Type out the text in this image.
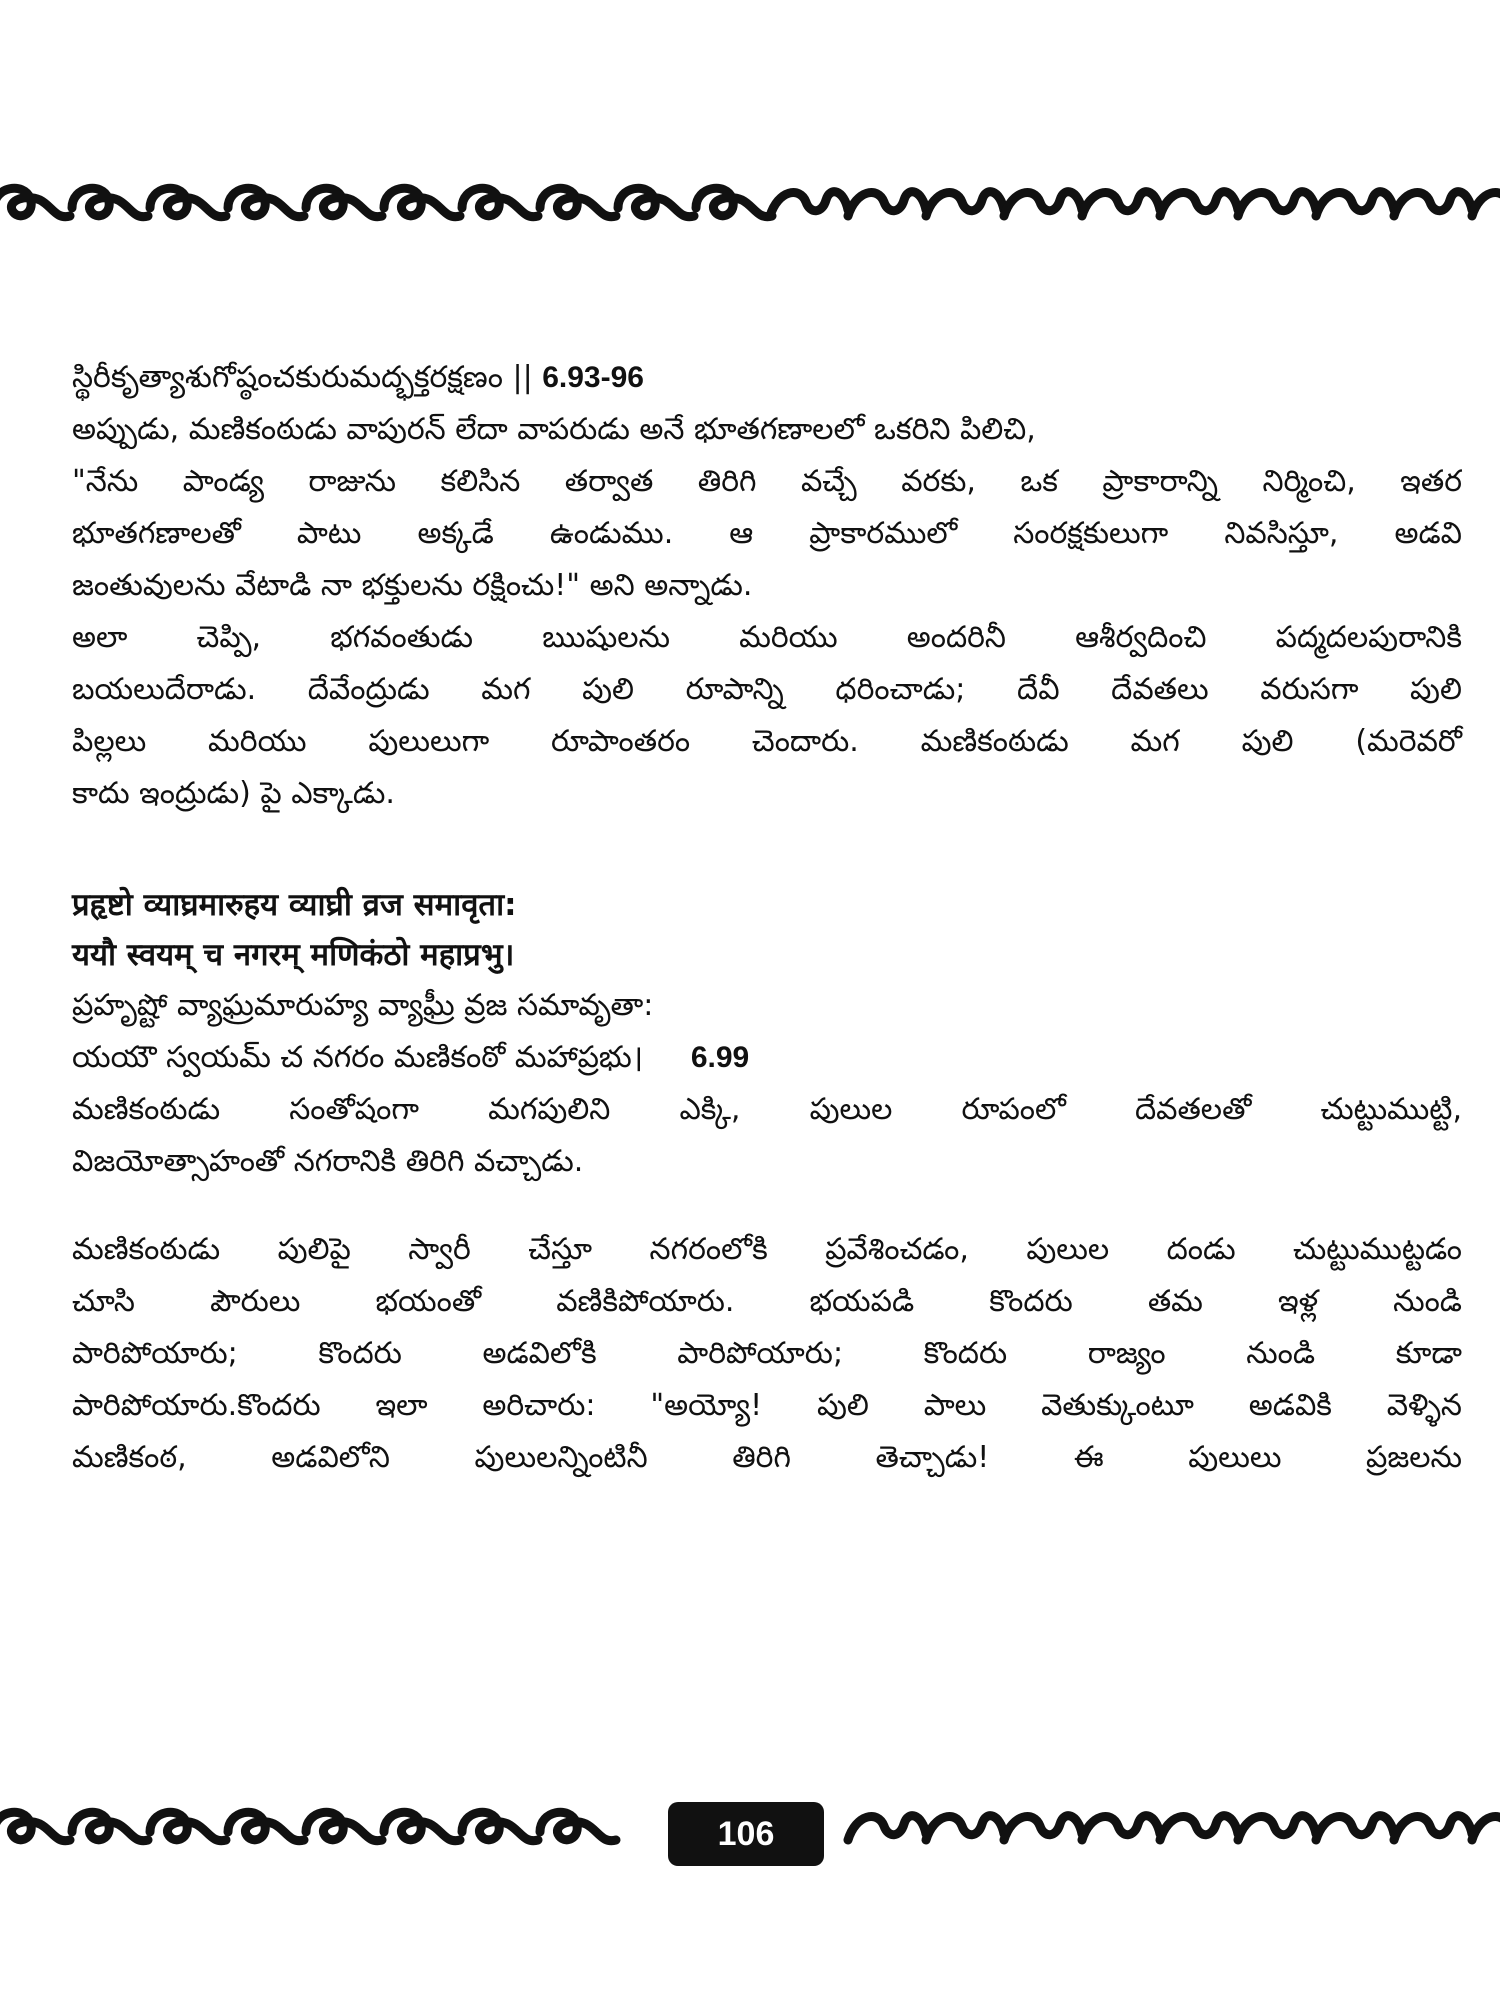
స్థిరీకృత్యాశుగోష్ఠంచకురుమద్భక్తరక్షణం || 6.93-96
అప్పుడు, మణికంఠుడు వాపురన్ లేదా వాపరుడు అనే భూతగణాలలో ఒకరిని పిలిచి,
"నేను పాండ్య రాజును కలిసిన తర్వాత తిరిగి వచ్చే వరకు, ఒక ప్రాకారాన్ని నిర్మించి, ఇతర
భూతగణాలతో పాటు అక్కడే ఉండుము. ఆ ప్రాకారములో సంరక్షకులుగా నివసిస్తూ, అడవి
జంతువులను వేటాడి నా భక్తులను రక్షించు!" అని అన్నాడు.
అలా చెప్పి, భగవంతుడు ఋషులను మరియు అందరినీ ఆశీర్వదించి పద్మదలపురానికి
బయలుదేరాడు. దేవేంద్రుడు మగ పులి రూపాన్ని ధరించాడు; దేవీ దేవతలు వరుసగా పులి
పిల్లలు మరియు పులులుగా రూపాంతరం చెందారు. మణికంఠుడు మగ పులి (మరెవరో
కాదు ఇంద్రుడు) పై ఎక్కాడు.
प्रहृष्टो व्याघ्रमारुहय व्याघ्री व्रज समावृता:
ययौ स्वयम् च नगरम् मणिकंठो महाप्रभु।
ప్రహృష్టో వ్యాఘ్రమారుహ్య వ్యాఘ్రీ వ్రజ సమావృతా:
యయౌ స్వయమ్ చ నగరం మణికంఠో మహాప్రభు। 6.99
మణికంఠుడు సంతోషంగా మగపులిని ఎక్కి, పులుల రూపంలో దేవతలతో చుట్టుముట్టి,
విజయోత్సాహంతో నగరానికి తిరిగి వచ్చాడు.
మణికంఠుడు పులిపై స్వారీ చేస్తూ నగరంలోకి ప్రవేశించడం, పులుల దండు చుట్టుముట్టడం
చూసి పౌరులు భయంతో వణికిపోయారు. భయపడి కొందరు తమ ఇళ్ల నుండి
పారిపోయారు; కొందరు అడవిలోకి పారిపోయారు; కొందరు రాజ్యం నుండి కూడా
పారిపోయారు.కొందరు ఇలా అరిచారు: "అయ్యో! పులి పాలు వెతుక్కుంటూ అడవికి వెళ్ళిన
మణికంఠ, అడవిలోని పులులన్నింటినీ తిరిగి తెచ్చాడు! ఈ పులులు ప్రజలను
106
